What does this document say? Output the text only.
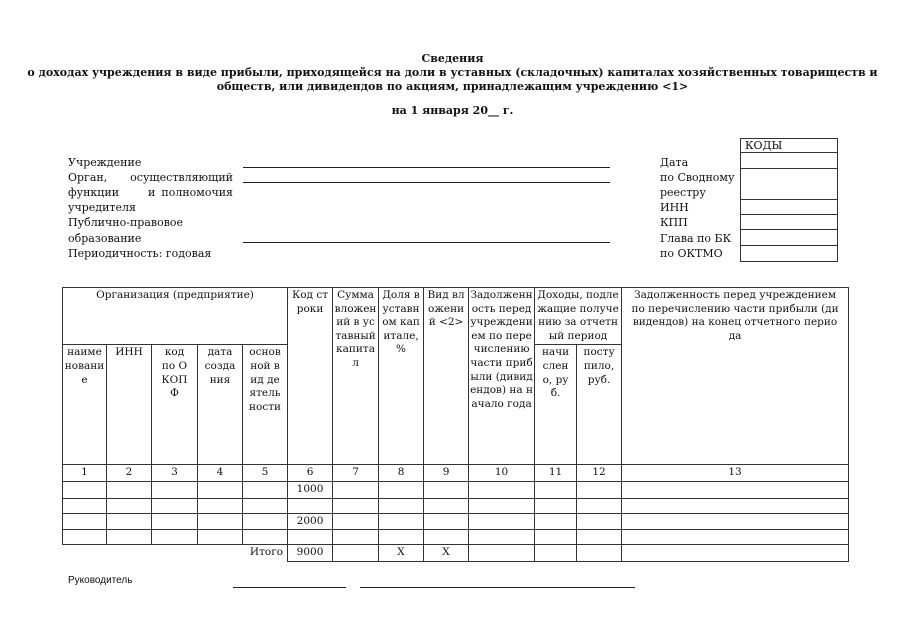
Сведения
о доходах учреждения в виде прибыли, приходящейся на доли в уставных (складочных) капиталах хозяйственных товариществ и
обществ, или дивидендов по акциям, принадлежащим учреждению <1>
на 1 января 20__ г.
Учреждение
Орган, осуществляющий
функции	и полномочия
учредителя
Публично-правовое
образование
Периодичность: годовая
Дата
по Сводному
реестру
ИНН
КПП
Глава по БК
по ОКТМО
КОДЫ

Организация (предприятие)					Код строки	Сумма вложений в уставный капитал	Доля в уставном капитале, %	Вид вложений <2>	Задолженность перед учреждением по перечислению части прибыли (дивидендов) на начало года	Доходы, подлежащие получению за отчетный период		Задолженность перед учреждением по перечислению части прибыли (дивидендов) на конец отчетного периода
наименование	ИНН	код по ОКОПФ	дата создания	основной вид деятельности						начислено, руб.	поступило, руб.	
1	2	3	4	5	6	7	8	9	10	11	12	13
					1000							

					2000							

Итого					9000		X	X				
Руководитель
